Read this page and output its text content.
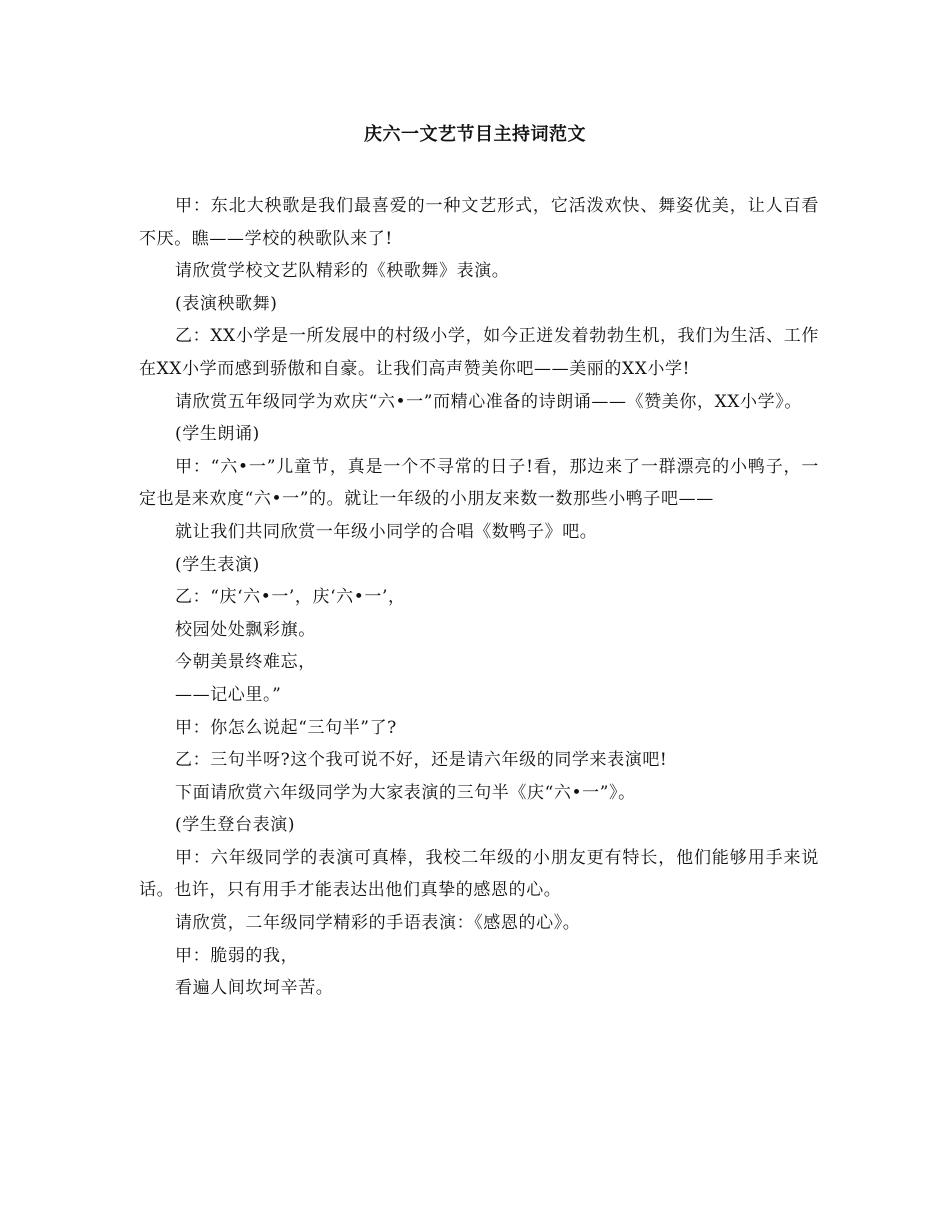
庆六一文艺节目主持词范文

甲：东北大秧歌是我们最喜爱的一种文艺形式，它活泼欢快、舞姿优美，让人百看不厌。瞧——学校的秧歌队来了!

请欣赏学校文艺队精彩的《秧歌舞》表演。

(表演秧歌舞)

乙：XX小学是一所发展中的村级小学，如今正迸发着勃勃生机，我们为生活、工作在XX小学而感到骄傲和自豪。让我们高声赞美你吧——美丽的XX小学!

请欣赏五年级同学为欢庆“六•一”而精心准备的诗朗诵——《赞美你，XX小学》。

(学生朗诵)

甲：“六•一”儿童节，真是一个不寻常的日子!看，那边来了一群漂亮的小鸭子，一定也是来欢度“六•一”的。就让一年级的小朋友来数一数那些小鸭子吧——

就让我们共同欣赏一年级小同学的合唱《数鸭子》吧。

(学生表演)

乙：“庆‘六•一’，庆‘六•一’，

校园处处飘彩旗。

今朝美景终难忘，

——记心里。”

甲：你怎么说起“三句半”了?

乙：三句半呀?这个我可说不好，还是请六年级的同学来表演吧!

下面请欣赏六年级同学为大家表演的三句半《庆“六•一”》。

(学生登台表演)

甲：六年级同学的表演可真棒，我校二年级的小朋友更有特长，他们能够用手来说话。也许，只有用手才能表达出他们真挚的感恩的心。

请欣赏，二年级同学精彩的手语表演：《感恩的心》。

甲：脆弱的我，

看遍人间坎坷辛苦。
